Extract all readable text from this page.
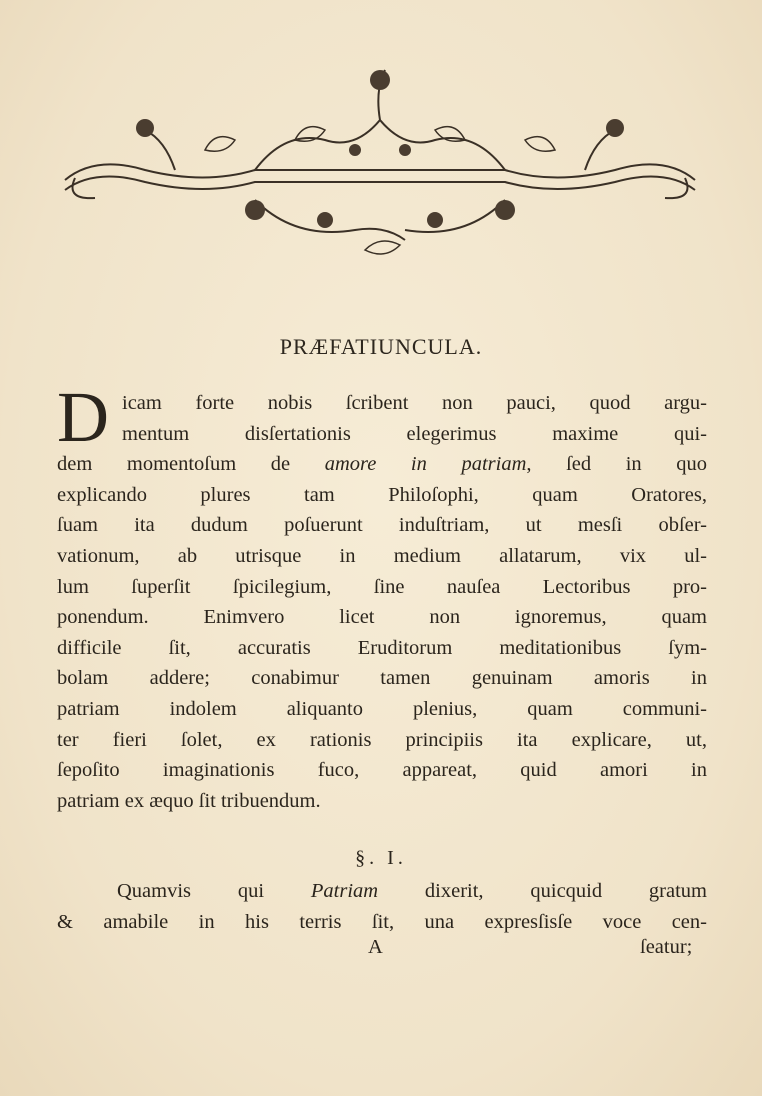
PRÆFATIUNCULA.
D icam forte nobis ſcribent non pauci, quod argu-
mentum disſertationis elegerimus maxime qui-
dem momentoſum de amore in patriam, ſed in quo
explicando plures tam Philoſophi, quam Oratores,
ſuam ita dudum poſuerunt induſtriam, ut mesſi obſer-
vationum, ab utrisque in medium allatarum, vix ul-
lum ſuperſit ſpicilegium, ſine nauſea Lectoribus pro-
ponendum. Enimvero licet non ignoremus, quam
difficile ſit, accuratis Eruditorum meditationibus ſym-
bolam addere; conabimur tamen genuinam amoris in
patriam indolem aliquanto plenius, quam communi-
ter fieri ſolet, ex rationis principiis ita explicare, ut,
ſepoſito imaginationis fuco, appareat, quid amori in
patriam ex æquo ſit tribuendum.
§. I.
Quamvis qui Patriam dixerit, quicquid gratum
& amabile in his terris ſit, una expresſisſe voce cen-
A	ſeatur;
